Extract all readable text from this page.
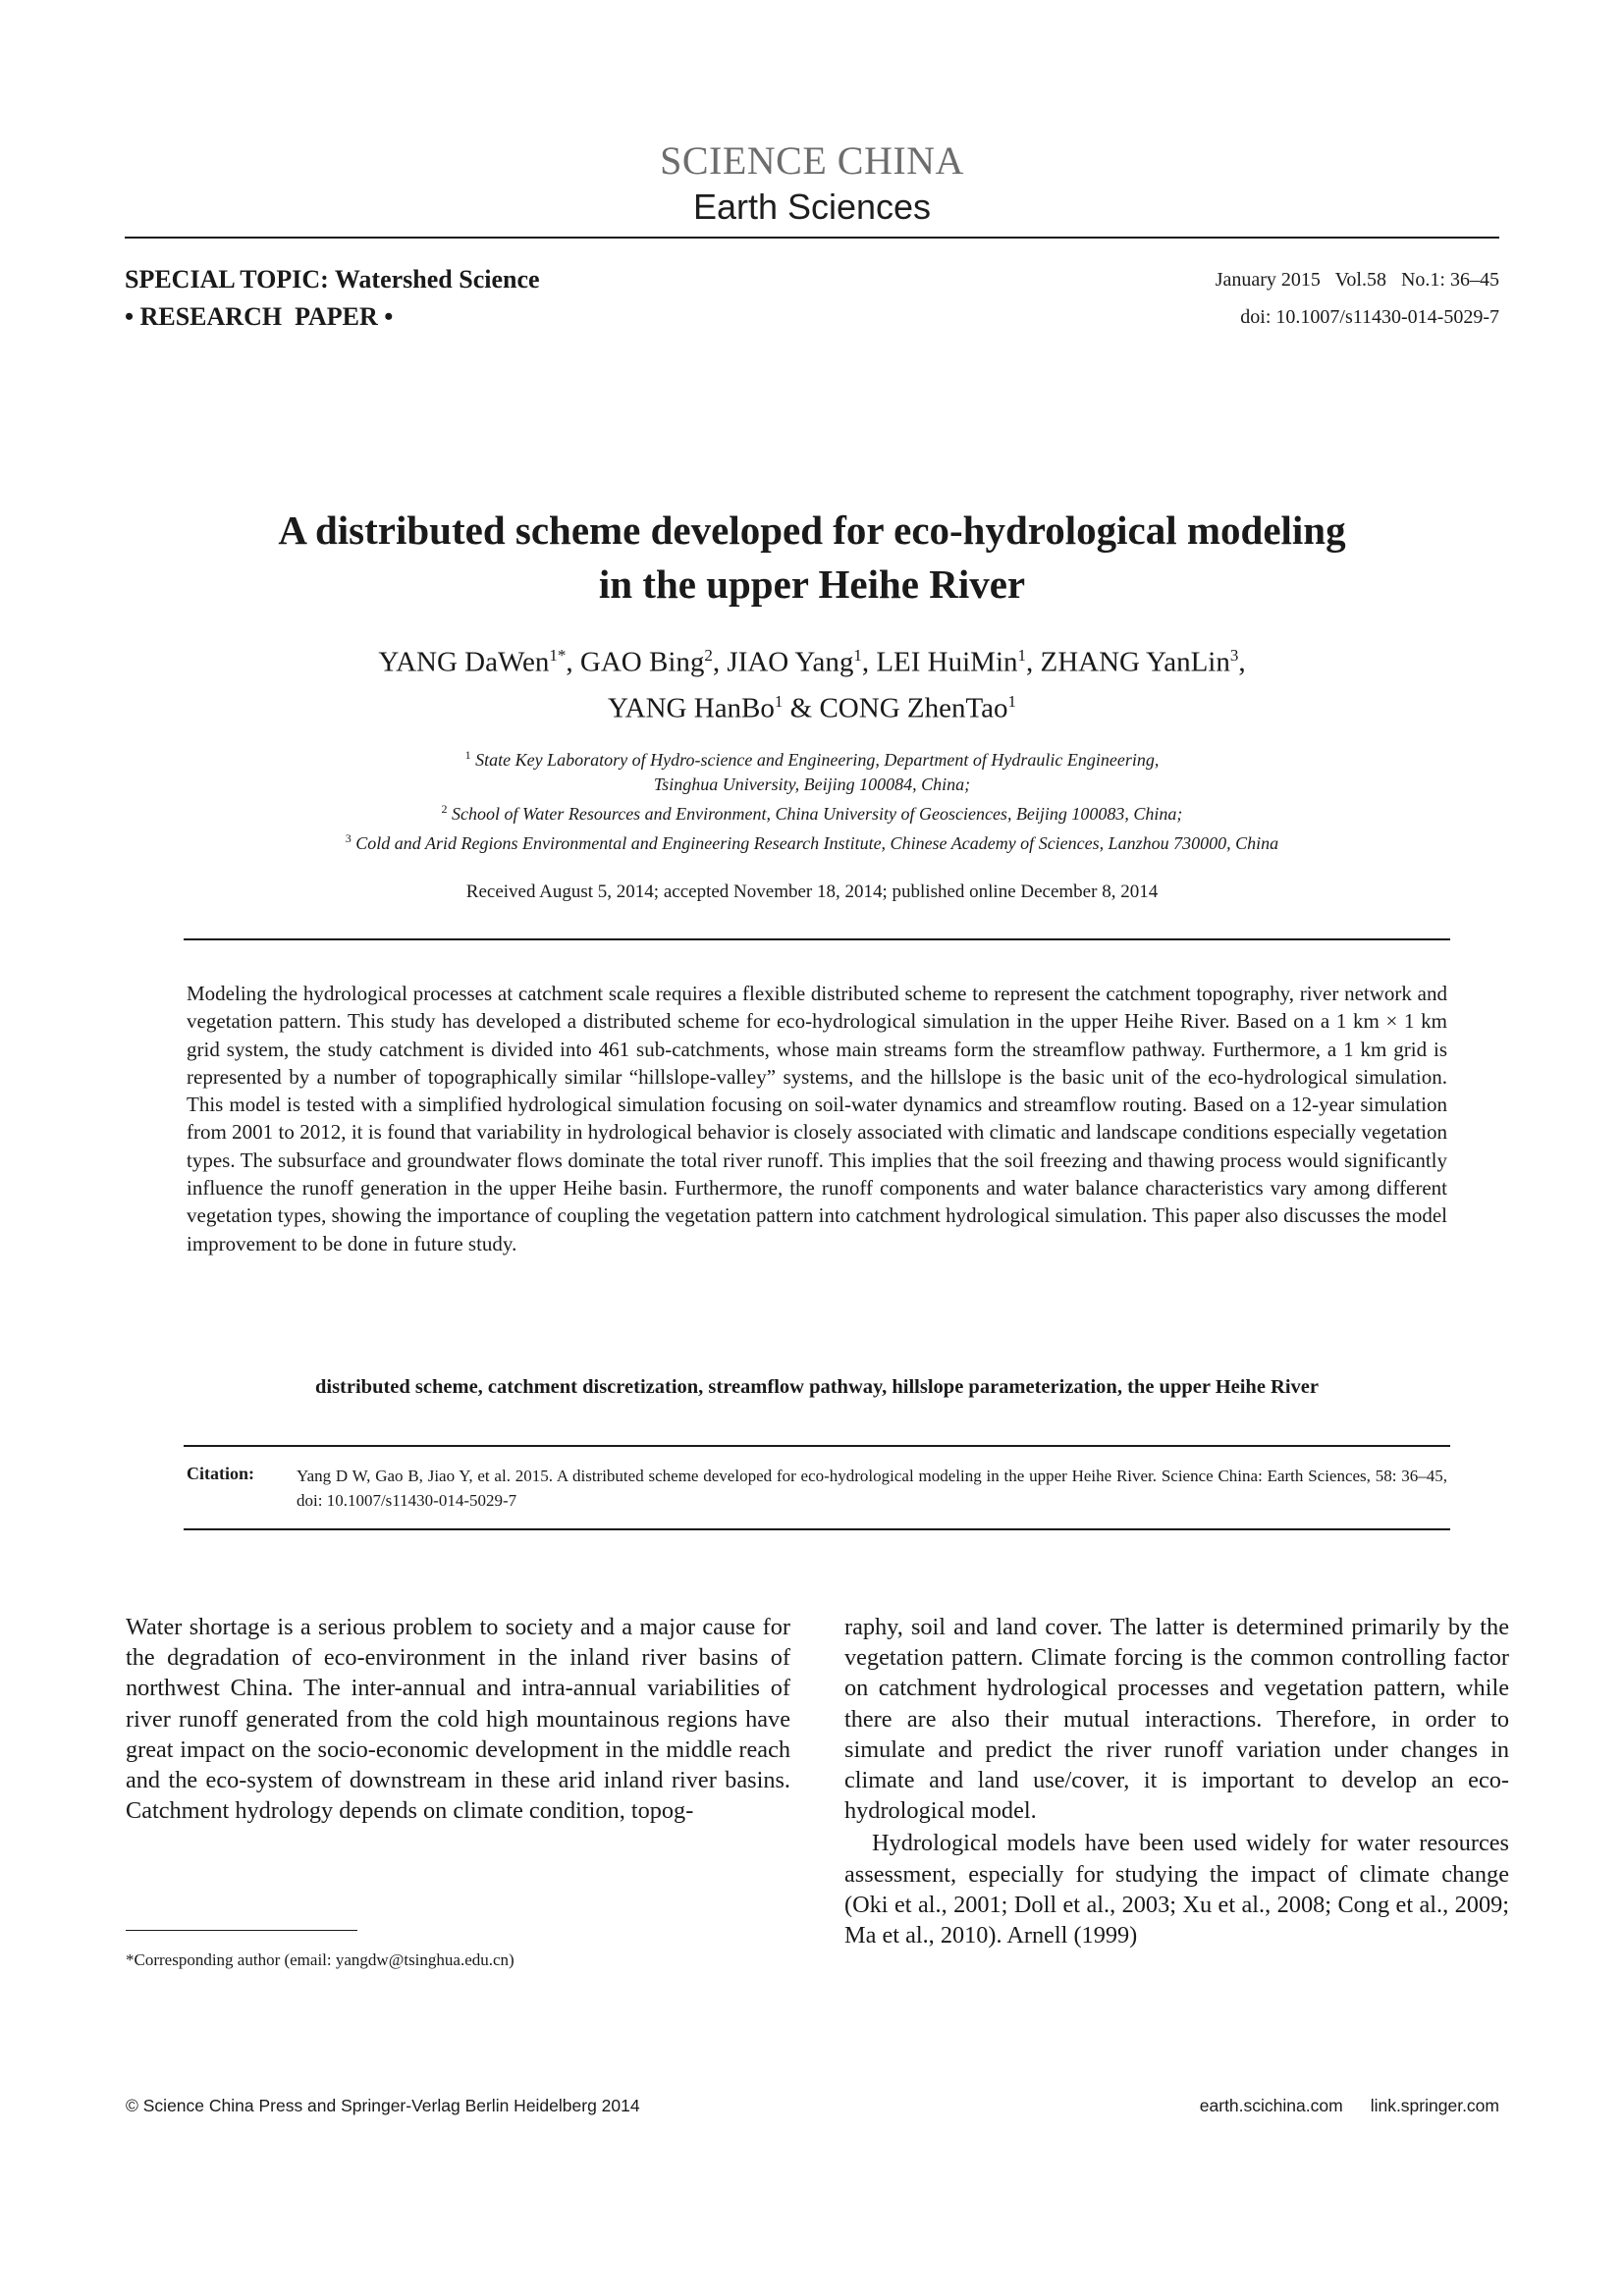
SCIENCE CHINA
Earth Sciences
SPECIAL TOPIC: Watershed Science
• RESEARCH  PAPER •
January 2015   Vol.58   No.1: 36–45
doi: 10.1007/s11430-014-5029-7
A distributed scheme developed for eco-hydrological modeling
in the upper Heihe River
YANG DaWen$^{1*}$, GAO Bing$^2$, JIAO Yang$^1$, LEI HuiMin$^1$, ZHANG YanLin$^3$,
YANG HanBo$^1$ & CONG ZhenTao$^1$
$^1$ State Key Laboratory of Hydro-science and Engineering, Department of Hydraulic Engineering,
Tsinghua University, Beijing 100084, China;
$^2$ School of Water Resources and Environment, China University of Geosciences, Beijing 100083, China;
$^3$ Cold and Arid Regions Environmental and Engineering Research Institute, Chinese Academy of Sciences, Lanzhou 730000, China
Received August 5, 2014; accepted November 18, 2014; published online December 8, 2014
Modeling the hydrological processes at catchment scale requires a flexible distributed scheme to represent the catchment topography, river network and vegetation pattern. This study has developed a distributed scheme for eco-hydrological simulation in the upper Heihe River. Based on a 1 km × 1 km grid system, the study catchment is divided into 461 sub-catchments, whose main streams form the streamflow pathway. Furthermore, a 1 km grid is represented by a number of topographically similar “hillslope-valley” systems, and the hillslope is the basic unit of the eco-hydrological simulation. This model is tested with a simplified hydrological simulation focusing on soil-water dynamics and streamflow routing. Based on a 12-year simulation from 2001 to 2012, it is found that variability in hydrological behavior is closely associated with climatic and landscape conditions especially vegetation types. The subsurface and groundwater flows dominate the total river runoff. This implies that the soil freezing and thawing process would significantly influence the runoff generation in the upper Heihe basin. Furthermore, the runoff components and water balance characteristics vary among different vegetation types, showing the importance of coupling the vegetation pattern into catchment hydrological simulation. This paper also discusses the model improvement to be done in future study.
distributed scheme, catchment discretization, streamflow pathway, hillslope parameterization, the upper Heihe River
Citation:	Yang D W, Gao B, Jiao Y, et al. 2015. A distributed scheme developed for eco-hydrological modeling in the upper Heihe River. Science China: Earth Sciences, 58: 36–45, doi: 10.1007/s11430-014-5029-7

Water shortage is a serious problem to society and a major cause for the degradation of eco-environment in the inland river basins of northwest China. The inter-annual and intra-annual variabilities of river runoff generated from the cold high mountainous regions have great impact on the socio-economic development in the middle reach and the eco-system of downstream in these arid inland river basins. Catchment hydrology depends on climate condition, topog-

raphy, soil and land cover. The latter is determined primarily by the vegetation pattern. Climate forcing is the common controlling factor on catchment hydrological processes and vegetation pattern, while there are also their mutual interactions. Therefore, in order to simulate and predict the river runoff variation under changes in climate and land use/cover, it is important to develop an eco-hydrological model.

Hydrological models have been used widely for water resources assessment, especially for studying the impact of climate change (Oki et al., 2001; Doll et al., 2003; Xu et al., 2008; Cong et al., 2009; Ma et al., 2010). Arnell (1999)

*Corresponding author (email: yangdw@tsinghua.edu.cn)
© Science China Press and Springer-Verlag Berlin Heidelberg 2014	earth.scichina.com link.springer.com
